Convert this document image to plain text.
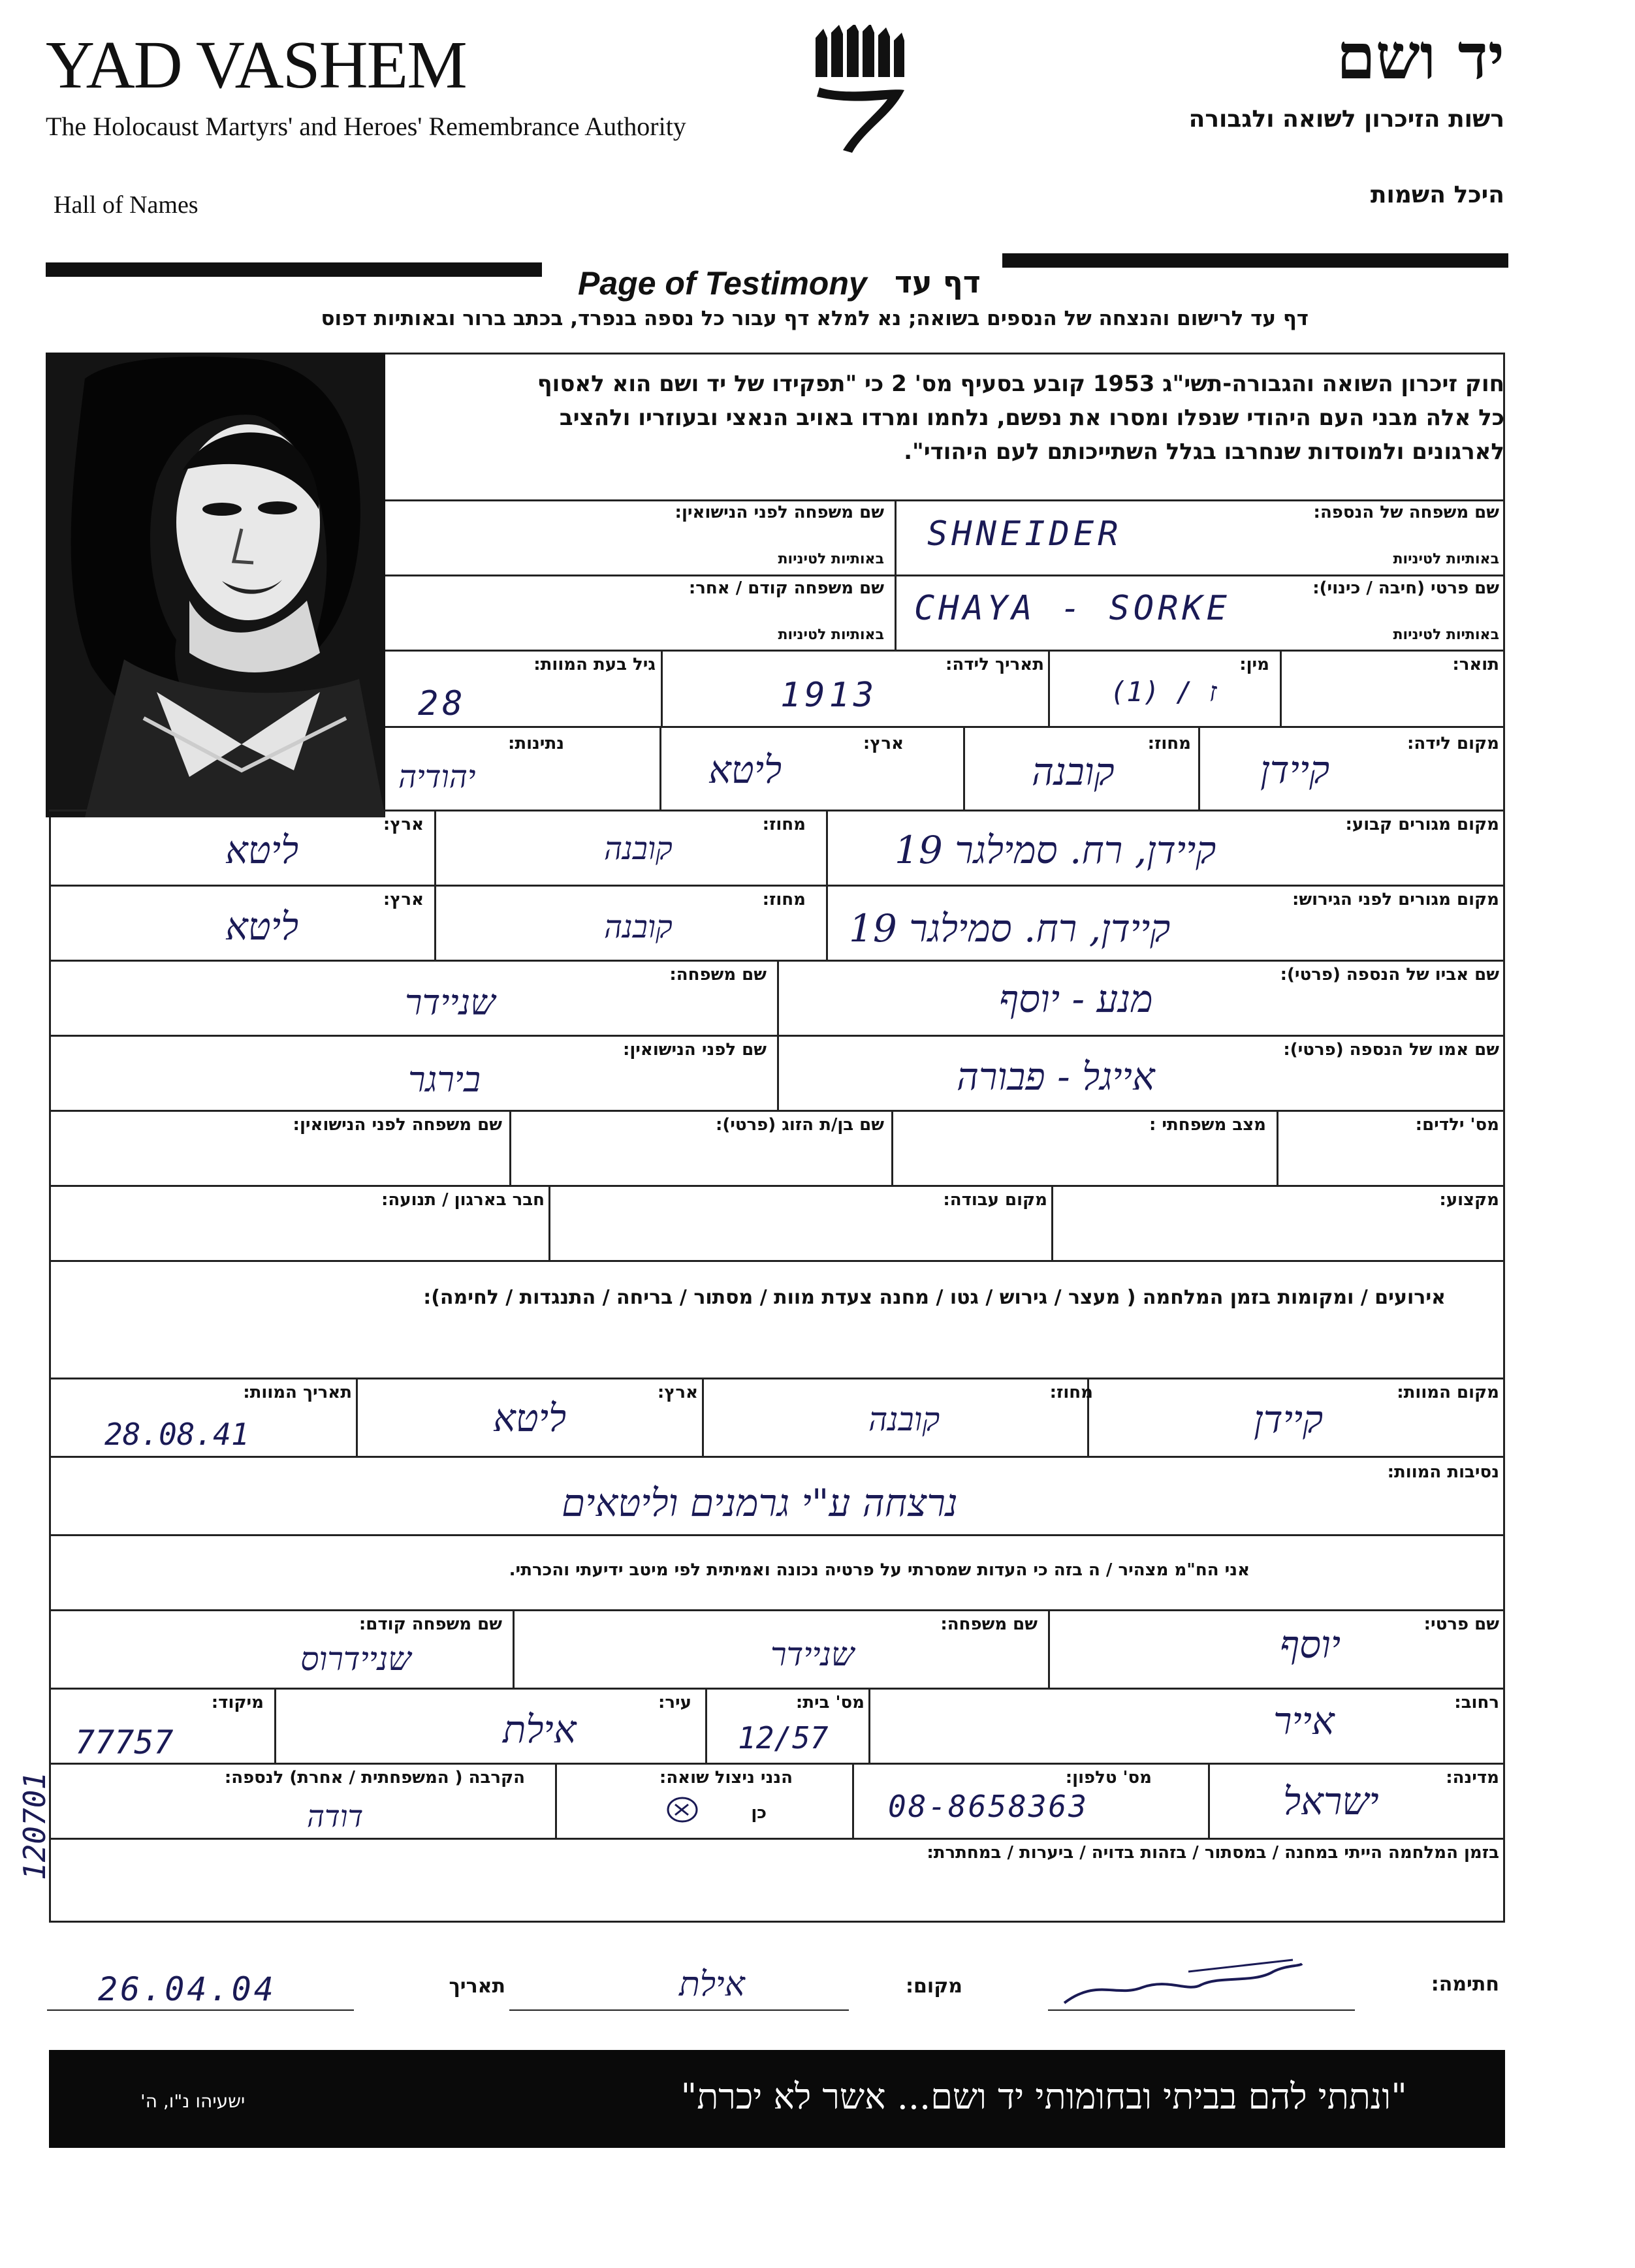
YAD VASHEM
The Holocaust Martyrs' and Heroes' Remembrance Authority
Hall of Names
יד ושם
רשות הזיכרון לשואה ולגבורה
היכל השמות
Page of Testimony דף עד
דף עד לרישום והנצחה של הנספים בשואה; נא למלא דף עבור כל נספה בנפרד, בכתב ברור ובאותיות דפוס
חוק זיכרון השואה והגבורה-תשי"ג 1953 קובע בסעיף מס' 2 כי "תפקידו של יד ושם הוא לאסוף
כל אלה מבני העם היהודי שנפלו ומסרו את נפשם, נלחמו ומרדו באויב הנאצי ובעוזריו ולהציב
לארגונים ולמוסדות שנחרבו בגלל השתייכותם לעם היהודי".
שם משפחה של הנספה:
באותיות לטיניות
SHNEIDER
שם משפחה לפני הנישואין:
באותיות לטיניות
שם פרטי (חיבה / כינוי):
באותיות לטיניות
CHAYA - SORKE
שם משפחה קודם / אחר:
באותיות לטיניות
תואר:
מין:
ז / (1)
תאריך לידה:
1913
גיל בעת המוות:
28
מקום לידה:
קיידן
מחוז:
קובנה
ארץ:
ליטא
נתינות:
יהודיה
מקום מגורים קבוע:
קיידן, רח. סמילגר 19
מחוז:
קובנה
ארץ:
ליטא
מקום מגורים לפני הגירוש:
קיידן, רח. סמילגר 19
מחוז:
קובנה
ארץ:
ליטא
שם אביו של הנספה (פרטי):
מנע - יוסף
שם משפחה:
שניידר
שם אמו של הנספה (פרטי):
אייגל - פבורה
שם לפני הנישואין:
בירגר
מס' ילדים:
מצב משפחתי :
שם בן/ת הזוג (פרטי):
שם משפחה לפני הנישואין:
מקצוע:
מקום עבודה:
חבר בארגון / תנועה:
אירועים / ומקומות בזמן המלחמה ( מעצר / גירוש / גטו / מחנה צעדת מוות / מסתור / בריחה / התנגדות / לחימה):
מקום המוות:
קיידן
מחוז:
קובנה
ארץ:
ליטא
תאריך המוות:
28.08.41
נסיבות המוות:
נרצחה ע"י גרמנים וליטאים
אני הח"מ מצהיר / ה בזה כי העדות שמסרתי על פרטיה נכונה ואמיתית לפי מיטב ידיעתי והכרתי.
שם פרטי:
יוסף
שם משפחה:
שניידר
שם משפחה קודם:
שניידרוס
רחוב:
אייר
מס' בית:
12/57
עיר:
אילת
מיקוד:
77757
מדינה:
ישראל
מס' טלפון:
08-8658363
הנני ניצול שואה:
כן
הקרבה ( המשפחתית / אחרת) לנספה:
דודה
בזמן המלחמה הייתי במחנה / במסתור / בזהות בדויה / ביערות / במחתרת:
120701
חתימה:
מקום:
אילת
תאריך
26.04.04
"ונתתי להם בביתי ובחומותי יד ושם... אשר לא יכרת"
ישעיהו נ"ו, ה'
